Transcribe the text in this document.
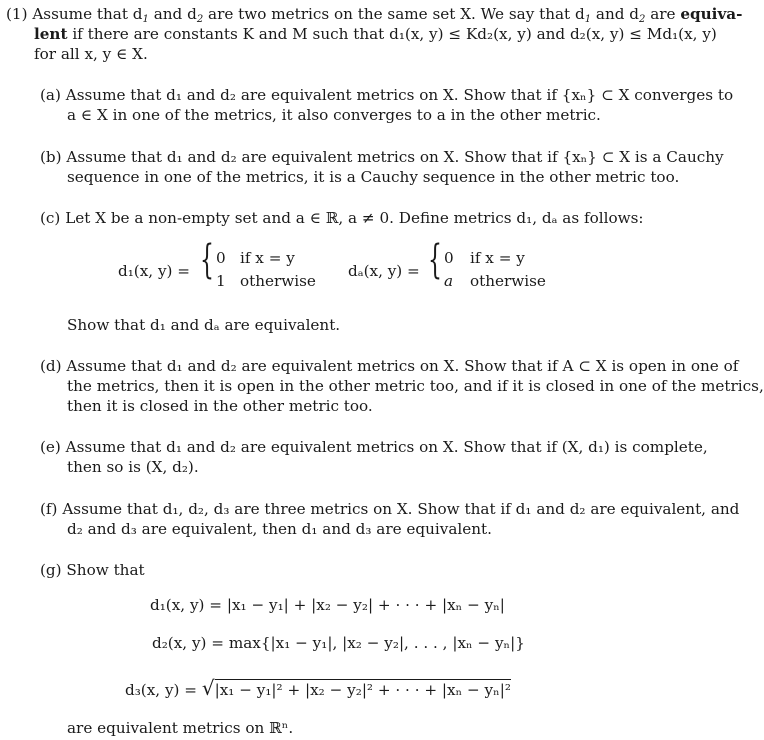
(1) Assume that $d_1$ and $d_2$ are two metrics on the same set X. We say that $d_1$ and $d_2$ are equiva-
lent if there are constants K and M such that d₁(x, y) ≤ Kd₂(x, y) and d₂(x, y) ≤ Md₁(x, y)
for all x, y ∈ X.
(a) Assume that d₁ and d₂ are equivalent metrics on X. Show that if {xₙ} ⊂ X converges to
a ∈ X in one of the metrics, it also converges to a in the other metric.
(b) Assume that d₁ and d₂ are equivalent metrics on X. Show that if {xₙ} ⊂ X is a Cauchy
sequence in one of the metrics, it is a Cauchy sequence in the other metric too.
(c) Let X be a non-empty set and a ∈ ℝ, a ≠ 0. Define metrics d₁, dₐ as follows:
d₁(x, y) = { 0 if x = y
1 otherwise
dₐ(x, y) = { 0 if x = y
a otherwise
Show that d₁ and dₐ are equivalent.
(d) Assume that d₁ and d₂ are equivalent metrics on X. Show that if A ⊂ X is open in one of
the metrics, then it is open in the other metric too, and if it is closed in one of the metrics,
then it is closed in the other metric too.
(e) Assume that d₁ and d₂ are equivalent metrics on X. Show that if (X, d₁) is complete,
then so is (X, d₂).
(f) Assume that d₁, d₂, d₃ are three metrics on X. Show that if d₁ and d₂ are equivalent, and
d₂ and d₃ are equivalent, then d₁ and d₃ are equivalent.
(g) Show that
d₁(x, y) = |x₁ − y₁| + |x₂ − y₂| + · · · + |xₙ − yₙ|
d₂(x, y) = max{|x₁ − y₁|, |x₂ − y₂|, . . . , |xₙ − yₙ|}
d₃(x, y) = √|x₁ − y₁|² + |x₂ − y₂|² + · · · + |xₙ − yₙ|²
are equivalent metrics on ℝⁿ.
